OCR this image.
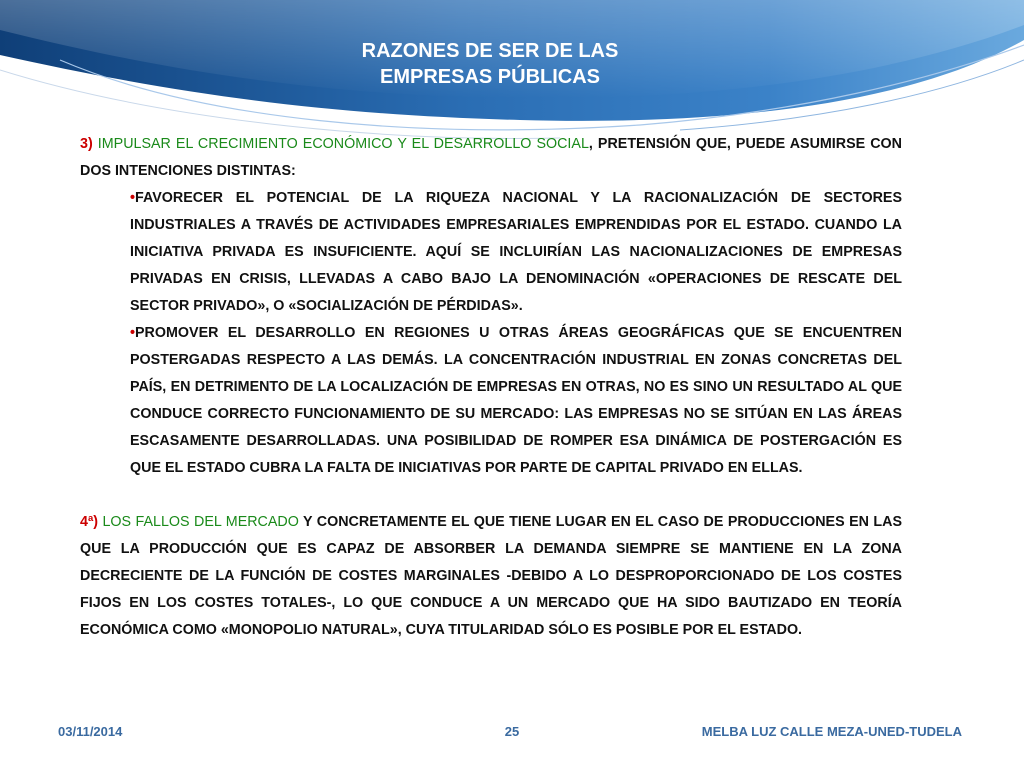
RAZONES DE SER DE LAS
EMPRESAS PÚBLICAS

3) IMPULSAR EL CRECIMIENTO ECONÓMICO Y EL DESARROLLO SOCIAL, PRETENSIÓN QUE, PUEDE ASUMIRSE CON DOS INTENCIONES DISTINTAS:

•FAVORECER EL POTENCIAL DE LA RIQUEZA NACIONAL Y LA RACIONALIZACIÓN DE SECTORES INDUSTRIALES A TRAVÉS DE ACTIVIDADES EMPRESARIALES EMPRENDIDAS POR EL ESTADO. CUANDO LA INICIATIVA PRIVADA ES INSUFICIENTE. AQUÍ SE INCLUIRÍAN LAS NACIONALIZACIONES DE EMPRESAS PRIVADAS EN CRISIS, LLEVADAS A CABO BAJO LA DENOMINACIÓN «OPERACIONES DE RESCATE DEL SECTOR PRIVADO», O «SOCIALIZACIÓN DE PÉRDIDAS».
•PROMOVER EL DESARROLLO EN REGIONES U OTRAS ÁREAS GEOGRÁFICAS QUE SE ENCUENTREN POSTERGADAS RESPECTO A LAS DEMÁS. LA CONCENTRACIÓN INDUSTRIAL EN ZONAS CONCRETAS DEL PAÍS, EN DETRIMENTO DE LA LOCALIZACIÓN DE EMPRESAS EN OTRAS, NO ES SINO UN RESULTADO AL QUE CONDUCE CORRECTO FUNCIONAMIENTO DE SU MERCADO: LAS EMPRESAS NO SE SITÚAN EN LAS ÁREAS ESCASAMENTE DESARROLLADAS. UNA POSIBILIDAD DE ROMPER ESA DINÁMICA DE POSTERGACIÓN ES QUE EL ESTADO CUBRA LA FALTA DE INICIATIVAS POR PARTE DE CAPITAL PRIVADO EN ELLAS.

4ª) LOS FALLOS DEL MERCADO Y CONCRETAMENTE EL QUE TIENE LUGAR EN EL CASO DE PRODUCCIONES EN LAS QUE LA PRODUCCIÓN QUE ES CAPAZ DE ABSORBER LA DEMANDA SIEMPRE SE MANTIENE EN LA ZONA DECRECIENTE DE LA FUNCIÓN DE COSTES MARGINALES -DEBIDO A LO DESPROPORCIONADO DE LOS COSTES FIJOS EN LOS COSTES TOTALES-, LO QUE CONDUCE A UN MERCADO QUE HA SIDO BAUTIZADO EN TEORÍA ECONÓMICA COMO «MONOPOLIO NATURAL», CUYA TITULARIDAD SÓLO ES POSIBLE POR EL ESTADO.

03/11/2014	25	MELBA LUZ CALLE MEZA-UNED-TUDELA
